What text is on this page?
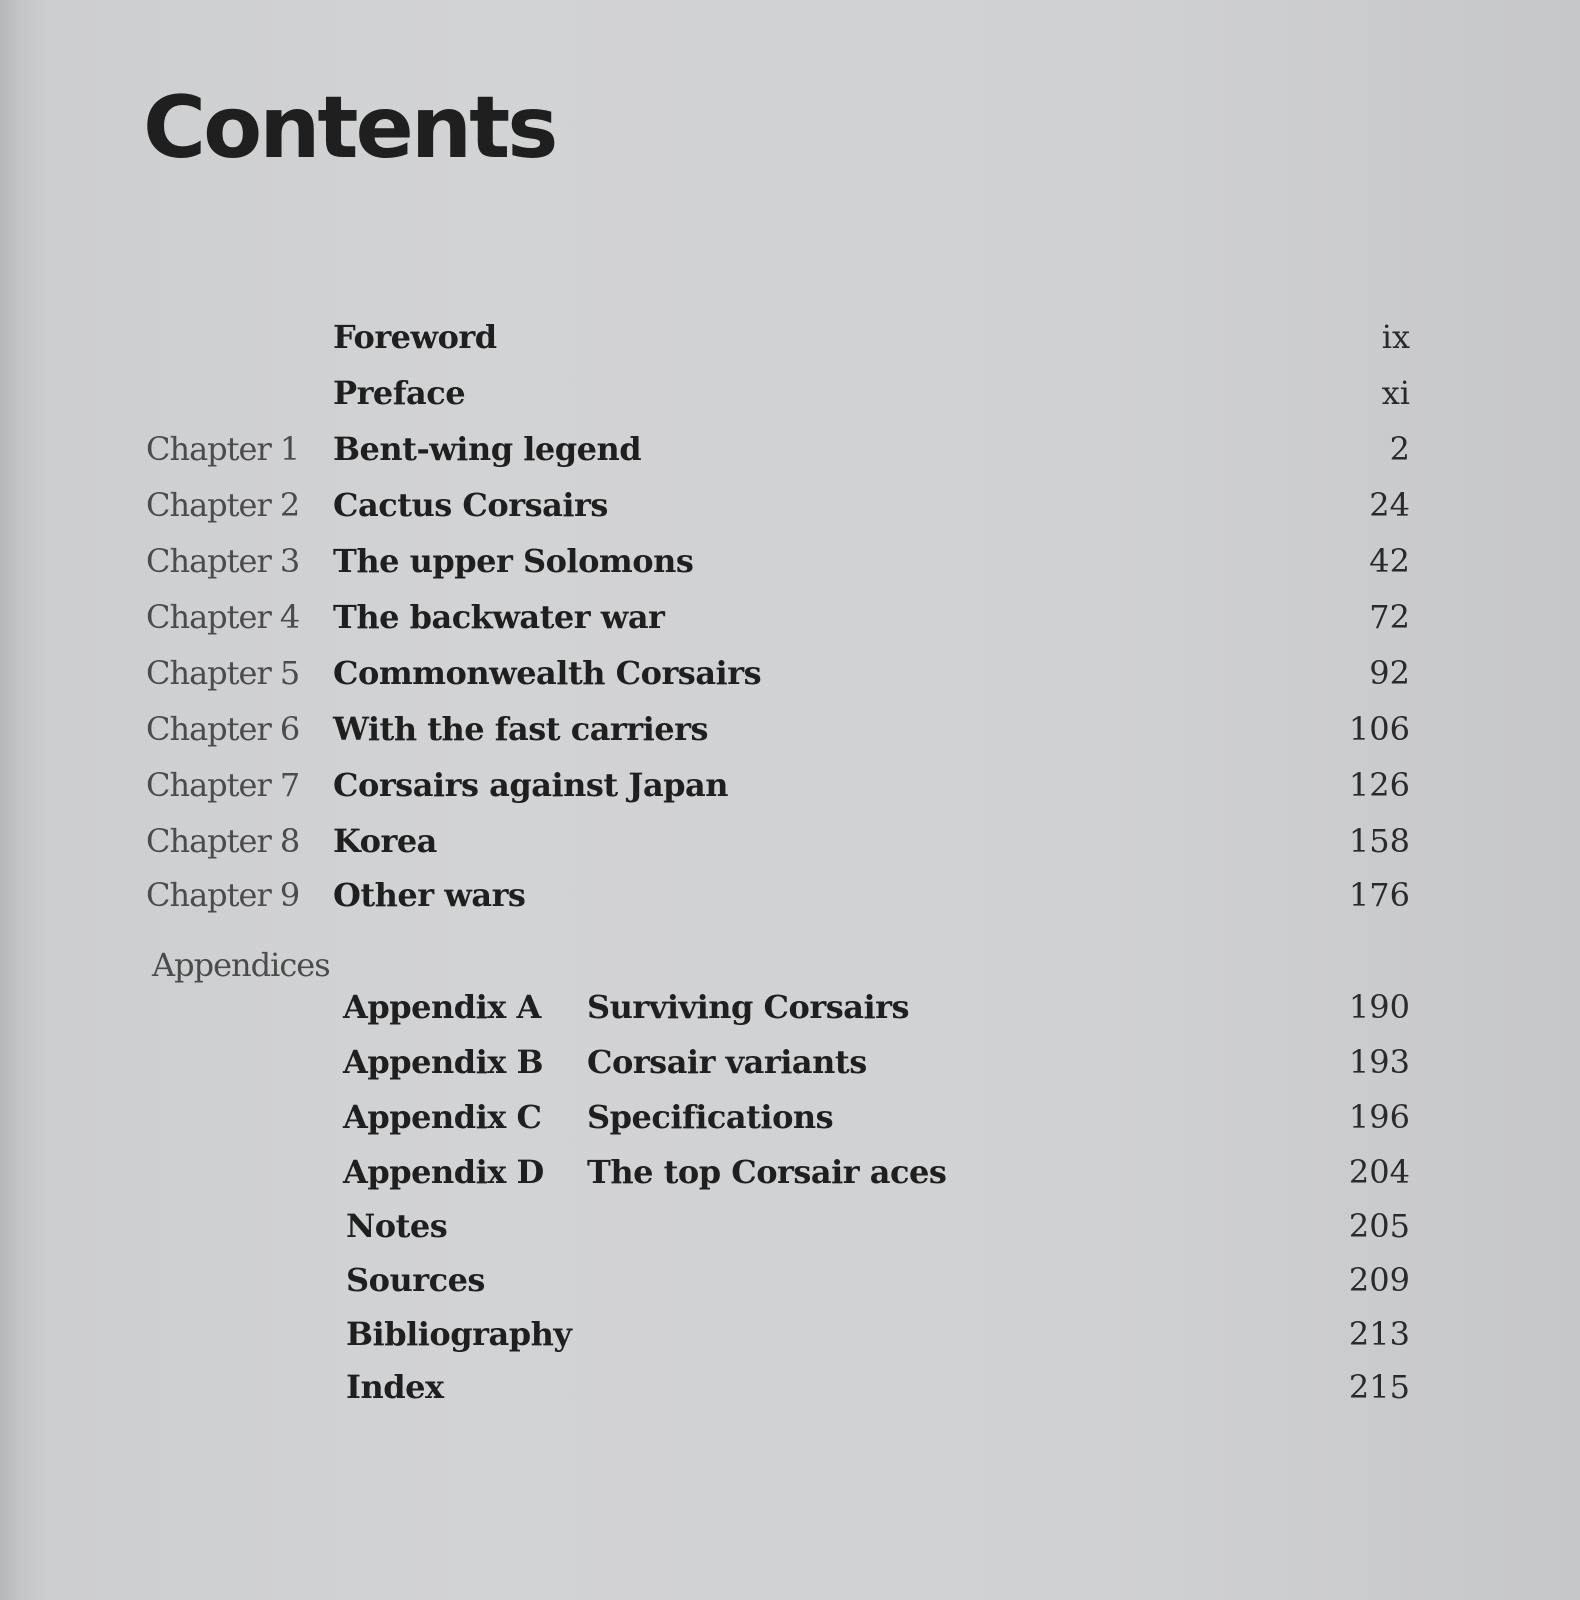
Contents
Foreword	ix
Preface	xi
Chapter 1 Bent-wing legend	2
Chapter 2 Cactus Corsairs	24
Chapter 3 The upper Solomons	42
Chapter 4 The backwater war	72
Chapter 5 Commonwealth Corsairs	92
Chapter 6 With the fast carriers	106
Chapter 7 Corsairs against Japan	126
Chapter 8 Korea	158
Chapter 9 Other wars	176
Appendices
Appendix A Surviving Corsairs	190
Appendix B Corsair variants	193
Appendix C Specifications	196
Appendix D The top Corsair aces	204
Notes	205
Sources	209
Bibliography	213
Index	215
